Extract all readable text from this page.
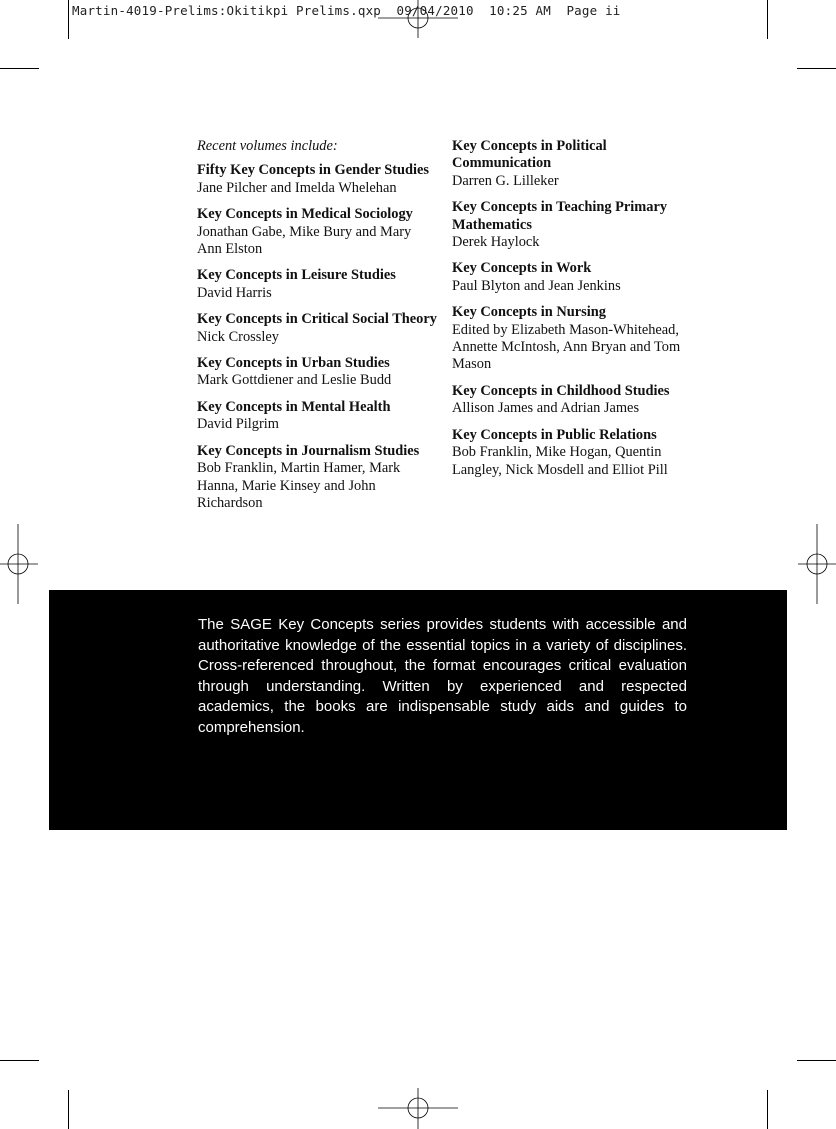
Martin-4019-Prelims:Okitikpi Prelims.qxp  09/04/2010  10:25 AM  Page ii
Recent volumes include:
Fifty Key Concepts in Gender Studies
Jane Pilcher and Imelda Whelehan
Key Concepts in Medical Sociology
Jonathan Gabe, Mike Bury and Mary Ann Elston
Key Concepts in Leisure Studies
David Harris
Key Concepts in Critical Social Theory
Nick Crossley
Key Concepts in Urban Studies
Mark Gottdiener and Leslie Budd
Key Concepts in Mental Health
David Pilgrim
Key Concepts in Journalism Studies
Bob Franklin, Martin Hamer, Mark Hanna, Marie Kinsey and John Richardson
Key Concepts in Political Communication
Darren G. Lilleker
Key Concepts in Teaching Primary Mathematics
Derek Haylock
Key Concepts in Work
Paul Blyton and Jean Jenkins
Key Concepts in Nursing
Edited by Elizabeth Mason-Whitehead, Annette McIntosh, Ann Bryan and Tom Mason
Key Concepts in Childhood Studies
Allison James and Adrian James
Key Concepts in Public Relations
Bob Franklin, Mike Hogan, Quentin Langley, Nick Mosdell and Elliot Pill

The SAGE Key Concepts series provides students with accessible and authoritative knowledge of the essential topics in a variety of disciplines. Cross-referenced throughout, the format encourages critical evaluation through understanding. Written by experienced and respected academics, the books are indispensable study aids and guides to comprehension.
